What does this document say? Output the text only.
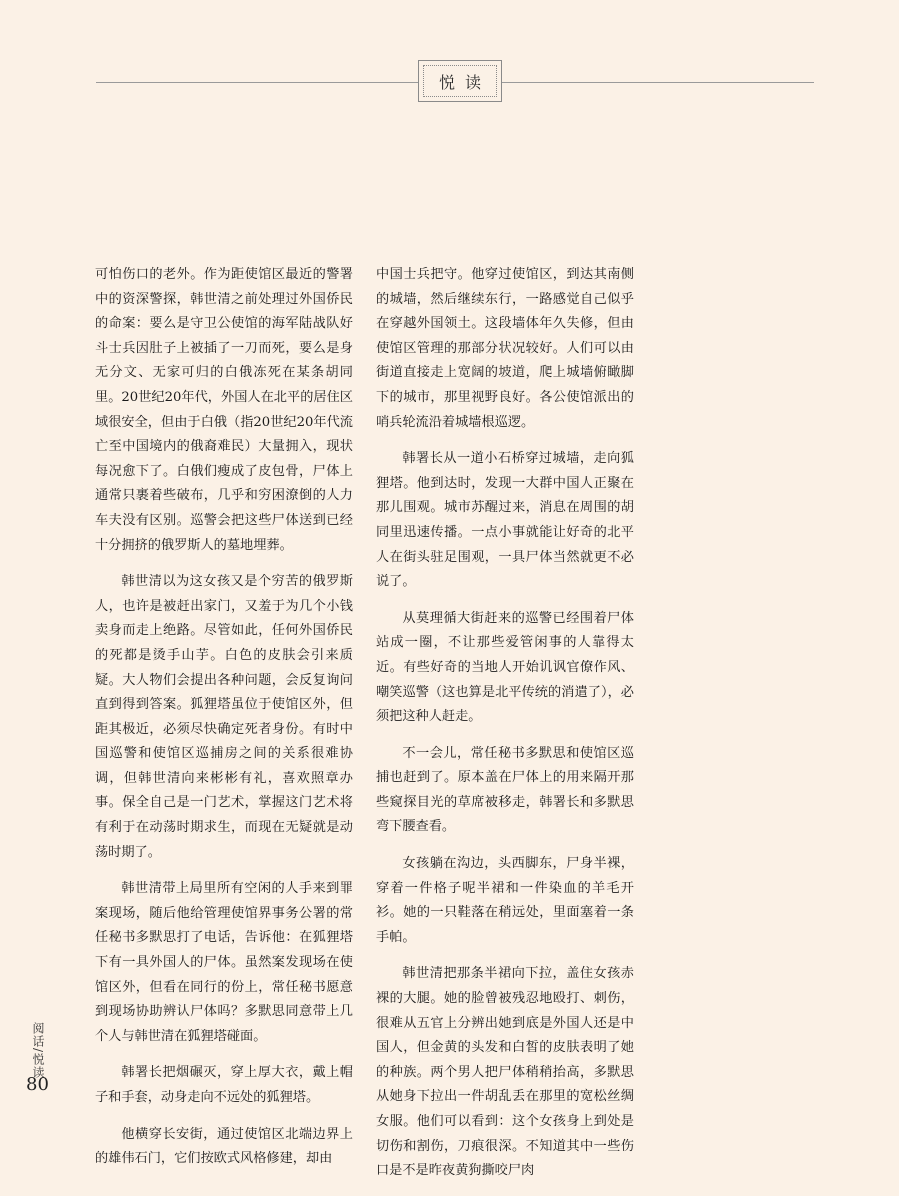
悦读

可怕伤口的老外。作为距使馆区最近的警署中的资深警探，韩世清之前处理过外国侨民的命案：要么是守卫公使馆的海军陆战队好斗士兵因肚子上被插了一刀而死，要么是身无分文、无家可归的白俄冻死在某条胡同里。20世纪20年代，外国人在北平的居住区域很安全，但由于白俄（指20世纪20年代流亡至中国境内的俄裔难民）大量拥入，现状每况愈下了。白俄们瘦成了皮包骨，尸体上通常只裹着些破布，几乎和穷困潦倒的人力车夫没有区别。巡警会把这些尸体送到已经十分拥挤的俄罗斯人的墓地埋葬。

韩世清以为这女孩又是个穷苦的俄罗斯人，也许是被赶出家门，又羞于为几个小钱卖身而走上绝路。尽管如此，任何外国侨民的死都是烫手山芋。白色的皮肤会引来质疑。大人物们会提出各种问题，会反复询问直到得到答案。狐狸塔虽位于使馆区外，但距其极近，必须尽快确定死者身份。有时中国巡警和使馆区巡捕房之间的关系很难协调，但韩世清向来彬彬有礼，喜欢照章办事。保全自己是一门艺术，掌握这门艺术将有利于在动荡时期求生，而现在无疑就是动荡时期了。

韩世清带上局里所有空闲的人手来到罪案现场，随后他给管理使馆界事务公署的常任秘书多默思打了电话，告诉他：在狐狸塔下有一具外国人的尸体。虽然案发现场在使馆区外，但看在同行的份上，常任秘书愿意到现场协助辨认尸体吗？多默思同意带上几个人与韩世清在狐狸塔碰面。

韩署长把烟碾灭，穿上厚大衣，戴上帽子和手套，动身走向不远处的狐狸塔。

他横穿长安街，通过使馆区北端边界上的雄伟石门，它们按欧式风格修建，却由

中国士兵把守。他穿过使馆区，到达其南侧的城墙，然后继续东行，一路感觉自己似乎在穿越外国领土。这段墙体年久失修，但由使馆区管理的那部分状况较好。人们可以由街道直接走上宽阔的坡道，爬上城墙俯瞰脚下的城市，那里视野良好。各公使馆派出的哨兵轮流沿着城墙根巡逻。

韩署长从一道小石桥穿过城墙，走向狐狸塔。他到达时，发现一大群中国人正聚在那儿围观。城市苏醒过来，消息在周围的胡同里迅速传播。一点小事就能让好奇的北平人在街头驻足围观，一具尸体当然就更不必说了。

从莫理循大街赶来的巡警已经围着尸体站成一圈，不让那些爱管闲事的人靠得太近。有些好奇的当地人开始讥讽官僚作风、嘲笑巡警（这也算是北平传统的消遣了），必须把这种人赶走。

不一会儿，常任秘书多默思和使馆区巡捕也赶到了。原本盖在尸体上的用来隔开那些窥探目光的草席被移走，韩署长和多默思弯下腰查看。

女孩躺在沟边，头西脚东，尸身半裸，穿着一件格子呢半裙和一件染血的羊毛开衫。她的一只鞋落在稍远处，里面塞着一条手帕。

韩世清把那条半裙向下拉，盖住女孩赤裸的大腿。她的脸曾被残忍地殴打、刺伤，很难从五官上分辨出她到底是外国人还是中国人，但金黄的头发和白皙的皮肤表明了她的种族。两个男人把尸体稍稍抬高，多默思从她身下拉出一件胡乱丢在那里的宽松丝绸女服。他们可以看到：这个女孩身上到处是切伤和割伤，刀痕很深。不知道其中一些伤口是不是昨夜黄狗撕咬尸肉

阅话/悦读
80
